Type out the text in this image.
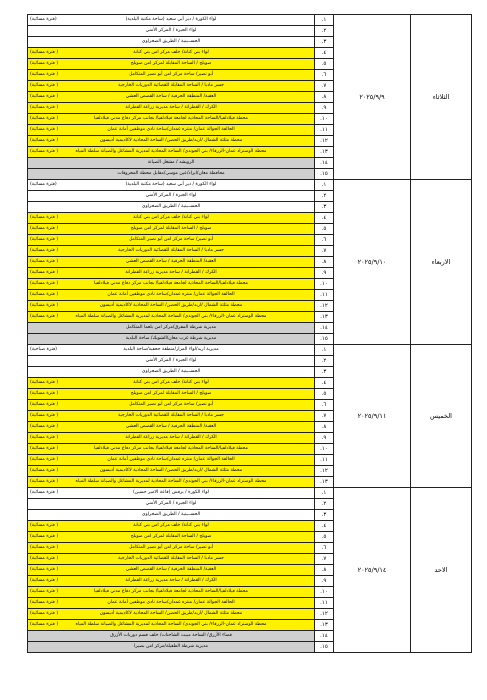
الثلاثاء	٢٠٢٥/٩/٩	١.	لواء الكورة / دير أبي سعيد (ساحة مكتبة البلدية)
(فترة مسائية)

		٢.	لواء الجيزة / المركز الأمني

		٣.	الحســينية / الطريق الصحراوي

		٤.	لواء بني كنانة/ خلف مركز امن بني كنانة
( فترة مسائية)

		٥.	صويلح / الساحة المقابلة لمركز امن صويلح
( فترة مسائية)

		٦.	أبو نصير/ ساحة مركز امن أبو نصير المتكامل
( فترة مسائية)

		٧.	جسر مادبا / الساحة المقابلة للقضائية الدوريات الخارجية
( فترة مسائية)

		٨.	العقبة/ المنطقة الحرفية / ساحة القصص العشي
( فترة مسائية)

		٩.	الكرك / القطرانة / ساحة مديرية زراعة القطرانة
( فترة مسائية)

		١٠.	محطة فيلادلفيا/الساحة المحاذية لجامعة فيلادلفيا/ بجانب مركز دفاع مدني فيلادلفيا
( فترة مسائية)

		١١.	الحالفة الجوالة عمان/ منتزه غمدان/ساحة نادي موظفين أمانة عمان
( فترة مسائية)

		١٢.	محطة مثلثة الشمال /اربد/طريق الحصن/ الساحة المحاذية لاكاديمية أديسون
( فترة مسائية)

		١٣.	محطة الوستراد عمان-الزرقاء/ بني الجوندي/ الساحة المحاذية لمديرية المشاغل والصيانة سلطة المياه
( فترة مسائية)

		١٤.	الرويشد / مشغل الصيانة

		١٥.	محافظة معان/ايراد/عين موسى/مقابل محطة المحروقات

الاربعاء	٢٠٢٥/٩/١٠	١.	لواء الكورة / دير أبي سعيد (ساحة مكتبة البلدية)
(فترة مسائية)

		٢.	لواء الجيزة / المركز الأمني

		٣.	الحســينية / الطريق الصحراوي

		٤.	لواء بني كنانة/ خلف مركز امن بني كنانة
( فترة مسائية)

		٥.	صويلح / الساحة المقابلة لمركز امن صويلح
( فترة مسائية)

		٦.	أبو نصير/ ساحة مركز امن أبو نصير المتكامل
( فترة مسائية)

		٧.	جسر مادبا / الساحة المقابلة للقضائية الدوريات الخارجية
( فترة مسائية)

		٨.	العقبة/ المنطقة الحرفية / ساحة القصص العشي
( فترة مسائية)

		٩.	الكرك / القطرانة / ساحة مديرية زراعة القطرانة
( فترة مسائية)

		١٠.	محطة فيلادلفيا/الساحة المحاذية لجامعة فيلادلفيا/ بجانب مركز دفاع مدني فيلادلفيا
( فترة مسائية)

		١١.	الحالفة الجوالة عمان/ منتزه غمدان/ساحة نادي موظفين أمانة عمان
( فترة مسائية)

		١٢.	محطة مثلثة الشمال /اربد/طريق الحصن/ الساحة المحاذية لاكاديمية أديسون
( فترة مسائية)

		١٣.	محطة الوستراد عمان-الزرقاء/ بني الجوندي/ الساحة المحاذية لمديرية المشاغل والصيانة سلطة المياه
( فترة مسائية)

		١٤.	مديرية شرطة المفرق/مركز امن بلعما المتكامل

		١٥.	مديرية شرطة غرب معان/الشوبك/ ساحة البلدية

الخميس	٢٠٢٥/٩/١١	١.	مديرية اربد/لواء المزار/منطقة جحفية/ساحة البلدية
(فترة صباحية)

		٢.	لواء الجيزة / المركز الأمني

		٣.	الحســينية / الطريق الصحراوي

		٤.	لواء بني كنانة/ خلف مركز امن بني كنانة
( فترة مسائية)

		٥.	صويلح / الساحة المقابلة لمركز امن صويلح
( فترة مسائية)

		٦.	أبو نصير/ ساحة مركز امن أبو نصير المتكامل
( فترة مسائية)

		٧.	جسر مادبا / الساحة المقابلة للقضائية الدوريات الخارجية
( فترة مسائية)

		٨.	العقبة/ المنطقة الحرفية / ساحة القصص العشي
( فترة مسائية)

		٩.	الكرك / القطرانة / ساحة مديرية زراعة القطرانة
( فترة مسائية)

		١٠.	محطة فيلادلفيا/الساحة المحاذية لجامعة فيلادلفيا/ بجانب مركز دفاع مدني فيلادلفيا
( فترة مسائية)

		١١.	الحالفة الجوالة عمان/ منتزه غمدان/ساحة نادي موظفين أمانة عمان
( فترة مسائية)

		١٢.	محطة مثلثة الشمال /اربد/طريق الحصن/ الساحة المحاذية لاكاديمية أديسون
( فترة مسائية)

		١٣.	محطة الوستراد عمان-الزرقاء/ بني الجوندي/ الساحة المحاذية لمديرية المشاغل والصيانة سلطة المياه
( فترة مسائية)

الاحد	٢٠٢٥/٩/١٤	١.	لواء الكورة / برقش (قاعة الامير حسين)
( فترة مسائية)

		٢.	لواء الجيزة / المركز الأمني

		٣.	الحســينية / الطريق الصحراوي

		٤.	لواء بني كنانة/ خلف مركز امن بني كنانة
( فترة مسائية)

		٥.	صويلح / الساحة المقابلة لمركز امن صويلح
( فترة مسائية)

		٦.	أبو نصير/ ساحة مركز امن أبو نصير المتكامل
( فترة مسائية)

		٧.	جسر مادبا / الساحة المقابلة للقضائية الدوريات الخارجية
( فترة مسائية)

		٨.	العقبة/ المنطقة الحرفية / ساحة القصص العشي
( فترة مسائية)

		٩.	الكرك / القطرانة / ساحة مديرية زراعة القطرانة
( فترة مسائية)

		١٠.	محطة فيلادلفيا/الساحة المحاذية لجامعة فيلادلفيا/ بجانب مركز دفاع مدني فيلادلفيا
( فترة مسائية)

		١١.	الحالفة الجوالة عمان/ منتزه غمدان/ساحة نادي موظفين أمانة عمان
( فترة مسائية)

		١٢.	محطة مثلثة الشمال /اربد/طريق الحصن/ الساحة المحاذية لاكاديمية أديسون
( فترة مسائية)

		١٣.	محطة الوستراد عمان-الزرقاء/ بني الجوندي/ الساحة المحاذية لمديرية المشاغل والصيانة سلطة المياه
( فترة مسائية)

		١٤.	قضاء الأزرق/ الساحة مبيت الشاحنات/ خلف قسم دوريات الأزرق

		١٥.	مديرية شرطة الطفيلة/مركز امن بصيرا
